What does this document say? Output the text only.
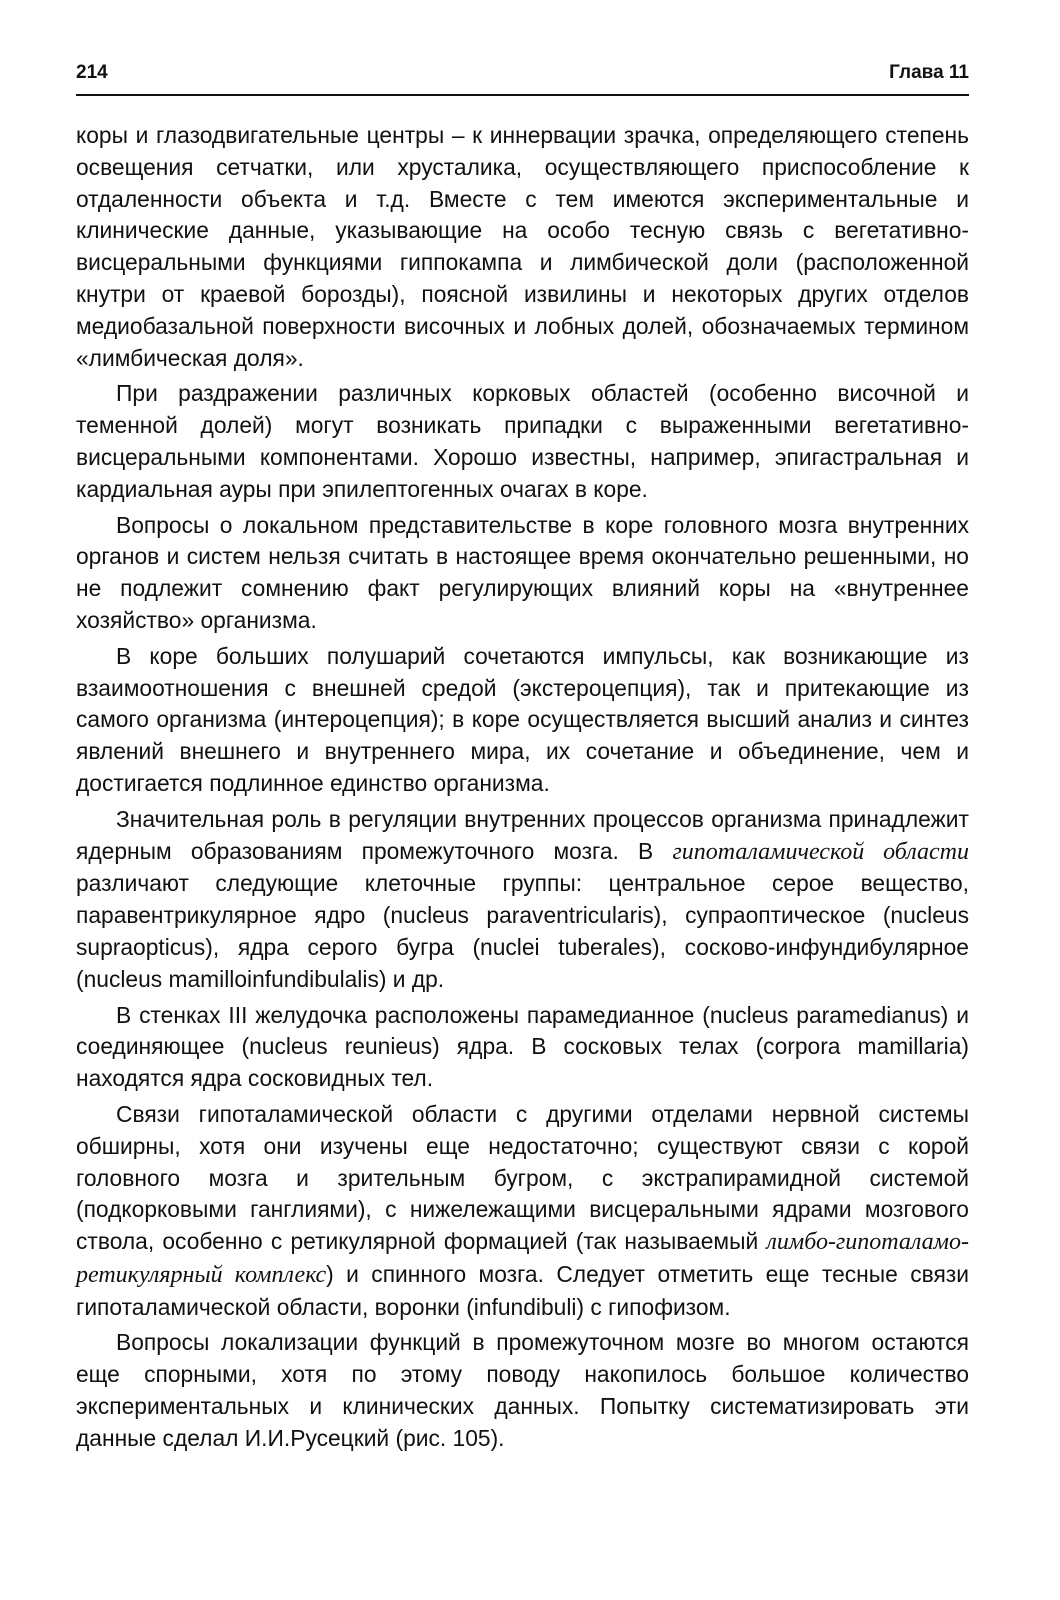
214	Глава 11

коры и глазодвигательные центры – к иннервации зрачка, определяющего степень освещения сетчатки, или хрусталика, осуществляющего приспособление к отдаленности объекта и т.д. Вместе с тем имеются экспериментальные и клинические данные, указывающие на особо тесную связь с вегетативно-висцеральными функциями гиппокампа и лимбической доли (расположенной кнутри от краевой борозды), поясной извилины и некоторых других отделов медиобазальной поверхности височных и лобных долей, обозначаемых термином «лимбическая доля».

При раздражении различных корковых областей (особенно височной и теменной долей) могут возникать припадки с выраженными вегетативно-висцеральными компонентами. Хорошо известны, например, эпигастральная и кардиальная ауры при эпилептогенных очагах в коре.

Вопросы о локальном представительстве в коре головного мозга внутренних органов и систем нельзя считать в настоящее время окончательно решенными, но не подлежит сомнению факт регулирующих влияний коры на «внутреннее хозяйство» организма.

В коре больших полушарий сочетаются импульсы, как возникающие из взаимоотношения с внешней средой (экстероцепция), так и притекающие из самого организма (интероцепция); в коре осуществляется высший анализ и синтез явлений внешнего и внутреннего мира, их сочетание и объединение, чем и достигается подлинное единство организма.

Значительная роль в регуляции внутренних процессов организма принадлежит ядерным образованиям промежуточного мозга. В гипоталамической области различают следующие клеточные группы: центральное серое вещество, паравентрикулярное ядро (nucleus paraventricularis), супраоптическое (nucleus supraopticus), ядра серого бугра (nuclei tuberales), сосково-инфундибулярное (nucleus mamilloinfundibulalis) и др.

В стенках III желудочка расположены парамедианное (nucleus paramedianus) и соединяющее (nucleus reunieus) ядра. В сосковых телах (corpora mamillaria) находятся ядра сосковидных тел.

Связи гипоталамической области с другими отделами нервной системы обширны, хотя они изучены еще недостаточно; существуют связи с корой головного мозга и зрительным бугром, с экстрапирамидной системой (подкорковыми ганглиями), с нижележащими висцеральными ядрами мозгового ствола, особенно с ретикулярной формацией (так называемый лимбо-гипоталамо-ретикулярный комплекс) и спинного мозга. Следует отметить еще тесные связи гипоталамической области, воронки (infundibuli) с гипофизом.

Вопросы локализации функций в промежуточном мозге во многом остаются еще спорными, хотя по этому поводу накопилось большое количество экспериментальных и клинических данных. Попытку систематизировать эти данные сделал И.И.Русецкий (рис. 105).
